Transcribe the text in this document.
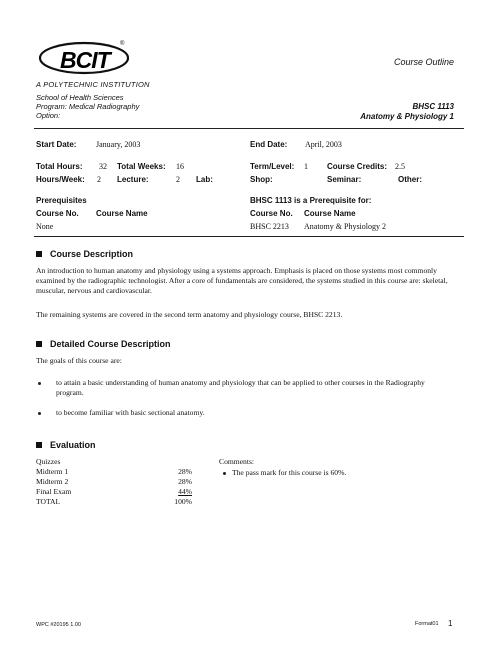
BCIT
®
A POLYTECHNIC INSTITUTION
School of Health Sciences
Program: Medical Radiography
Option:
Course Outline
BHSC 1113
Anatomy & Physiology 1
Start Date: January, 2003	End Date: April, 2003
Total Hours: 32 Total Weeks: 16	Term/Level: 1 Course Credits: 2.5
Hours/Week: 2 Lecture:	2 Lab:	Shop:	Seminar:	Other:
Prerequisites
Course No. Course Name
None
BHSC 1113 is a Prerequisite for:
Course No. Course Name
BHSC 2213 Anatomy & Physiology 2
Course Description
An introduction to human anatomy and physiology using a systems approach. Emphasis is placed on those systems most commonly examined by the radiographic technologist. After a core of fundamentals are considered, the systems studied in this course are: skeletal, muscular, nervous and cardiovascular.
The remaining systems are covered in the second term anatomy and physiology course, BHSC 2213.
Detailed Course Description
The goals of this course are:
to attain a basic understanding of human anatomy and physiology that can be applied to other courses in the Radiography program.
to become familiar with basic sectional anatomy.
Evaluation
Quizzes
Midterm 1	28%
Midterm 2	28%
Final Exam	44%
TOTAL	100%
Comments:
The pass mark for this course is 60%.
WPC #20195 1.00	Format01 1
